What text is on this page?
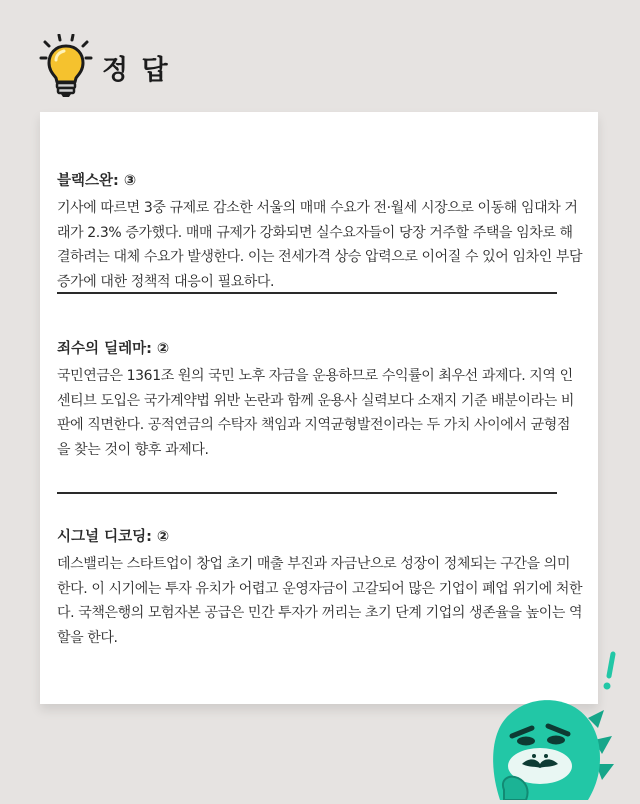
정 답

블랙스완: ③

기사에 따르면 3중 규제로 감소한 서울의 매매 수요가 전·월세 시장으로 이동해 임대차 거래가 2.3% 증가했다. 매매 규제가 강화되면 실수요자들이 당장 거주할 주택을 임차로 해결하려는 대체 수요가 발생한다. 이는 전세가격 상승 압력으로 이어질 수 있어 임차인 부담 증가에 대한 정책적 대응이 필요하다.

죄수의 딜레마: ②

국민연금은 1361조 원의 국민 노후 자금을 운용하므로 수익률이 최우선 과제다. 지역 인센티브 도입은 국가계약법 위반 논란과 함께 운용사 실력보다 소재지 기준 배분이라는 비판에 직면한다. 공적연금의 수탁자 책임과 지역균형발전이라는 두 가치 사이에서 균형점을 찾는 것이 향후 과제다.

시그널 디코딩: ②

데스밸리는 스타트업이 창업 초기 매출 부진과 자금난으로 성장이 정체되는 구간을 의미한다. 이 시기에는 투자 유치가 어렵고 운영자금이 고갈되어 많은 기업이 폐업 위기에 처한다. 국책은행의 모험자본 공급은 민간 투자가 꺼리는 초기 단계 기업의 생존율을 높이는 역할을 한다.
